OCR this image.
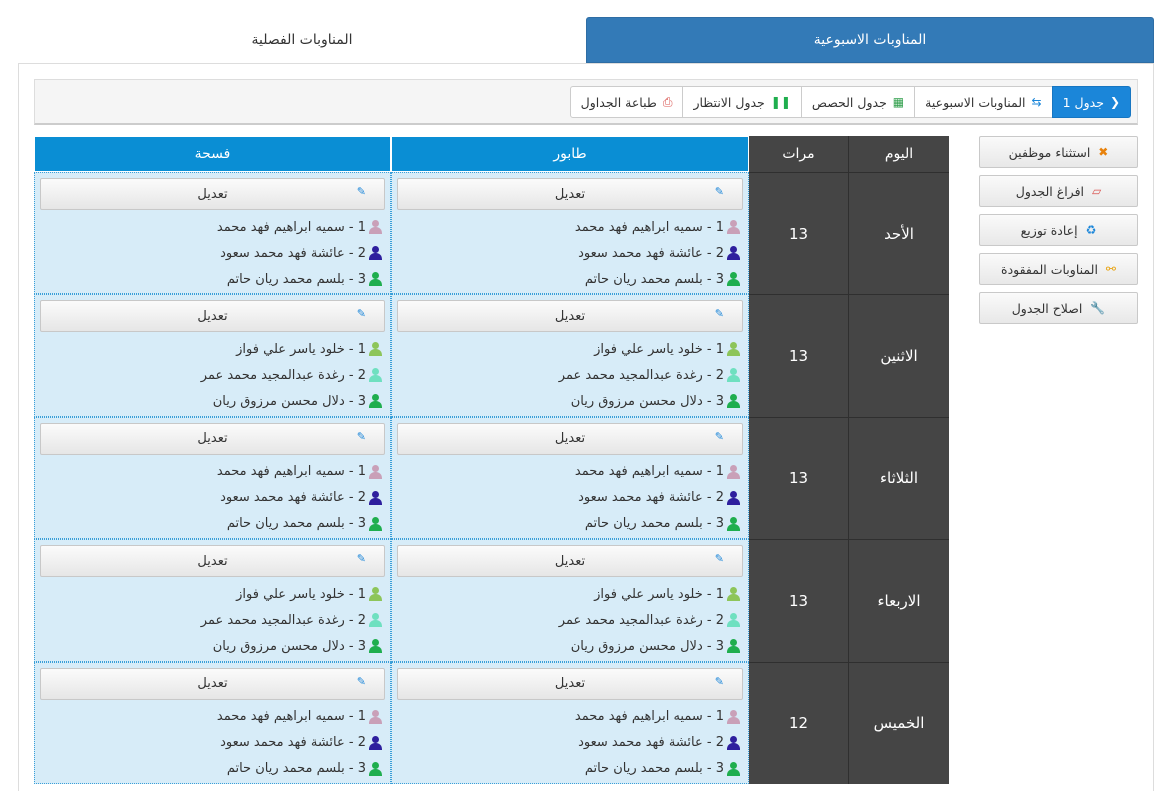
المناوبات الاسبوعية
المناوبات الفصلية
❮
جدول 1
⇆
المناوبات الاسبوعية
▦
جدول الحصص
❚❚
جدول الانتظار
⎙
طباعة الجداول
✖
استثناء موظفين
▱
افراغ الجدول
♻
إعادة توزيع
⚯
المناوبات المفقودة
🔧
اصلاح الجدول
اليوم
مرات
طابور
فسحة
الأحد
13
✎
تعديل
1 - سميه ابراهيم فهد محمد
2 - عائشة فهد محمد سعود
3 - بلسم محمد ريان حاتم
✎
تعديل
1 - سميه ابراهيم فهد محمد
2 - عائشة فهد محمد سعود
3 - بلسم محمد ريان حاتم
الاثنين
13
✎
تعديل
1 - خلود ياسر علي فواز
2 - رغدة عبدالمجيد محمد عمر
3 - دلال محسن مرزوق ريان
✎
تعديل
1 - خلود ياسر علي فواز
2 - رغدة عبدالمجيد محمد عمر
3 - دلال محسن مرزوق ريان
الثلاثاء
13
✎
تعديل
1 - سميه ابراهيم فهد محمد
2 - عائشة فهد محمد سعود
3 - بلسم محمد ريان حاتم
✎
تعديل
1 - سميه ابراهيم فهد محمد
2 - عائشة فهد محمد سعود
3 - بلسم محمد ريان حاتم
الاربعاء
13
✎
تعديل
1 - خلود ياسر علي فواز
2 - رغدة عبدالمجيد محمد عمر
3 - دلال محسن مرزوق ريان
✎
تعديل
1 - خلود ياسر علي فواز
2 - رغدة عبدالمجيد محمد عمر
3 - دلال محسن مرزوق ريان
الخميس
12
✎
تعديل
1 - سميه ابراهيم فهد محمد
2 - عائشة فهد محمد سعود
3 - بلسم محمد ريان حاتم
✎
تعديل
1 - سميه ابراهيم فهد محمد
2 - عائشة فهد محمد سعود
3 - بلسم محمد ريان حاتم
